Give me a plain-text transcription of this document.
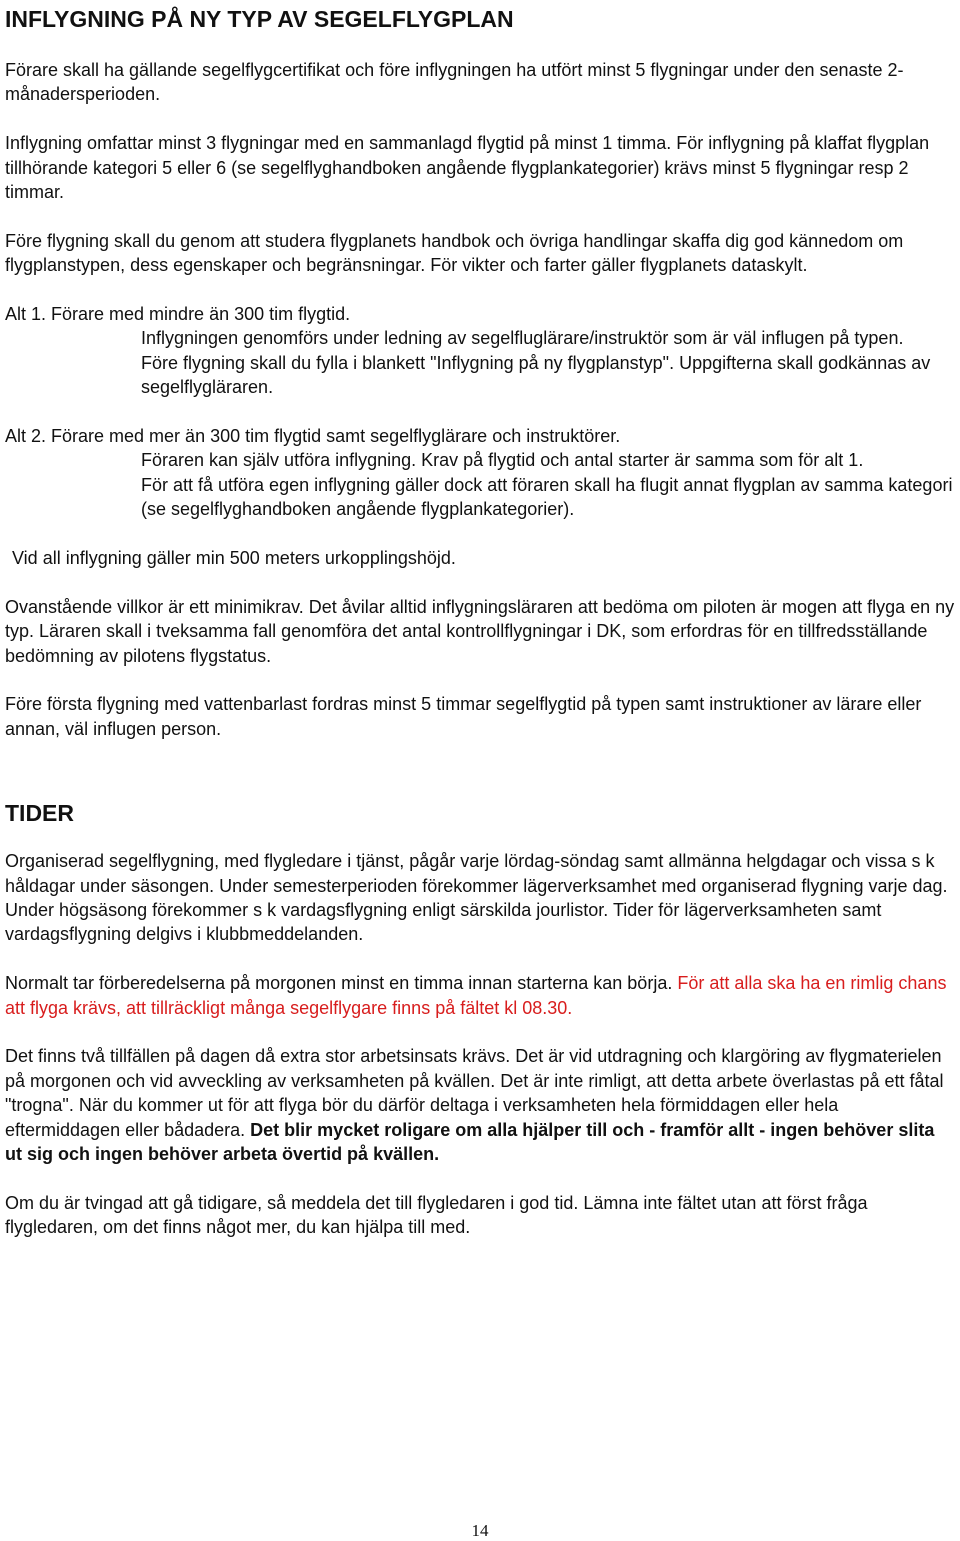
INFLYGNING PÅ NY TYP AV SEGELFLYGPLAN

Förare skall ha gällande segelflygcertifikat och före inflygningen ha utfört minst 5 flygningar under den senaste 2-månadersperioden.

Inflygning omfattar minst 3 flygningar med en sammanlagd flygtid på minst 1 timma. För inflygning på klaffat flygplan tillhörande kategori 5 eller 6 (se segelflyghandboken angående flygplankategorier) krävs minst 5 flygningar resp 2 timmar.

Före flygning skall du genom att studera flygplanets handbok och övriga handlingar skaffa dig god kännedom om flygplanstypen, dess egenskaper och begränsningar. För vikter och farter gäller flygplanets dataskylt.

Alt 1. Förare med mindre än 300 tim flygtid.

Inflygningen genomförs under ledning av segelfluglärare/instruktör som är väl influgen på typen.

Före flygning skall du fylla i blankett "Inflygning på ny flygplanstyp". Uppgifterna skall godkännas av segelflygläraren.

Alt 2. Förare med mer än 300 tim flygtid samt segelflyglärare och instruktörer.

Föraren kan själv utföra inflygning. Krav på flygtid och antal starter är samma som för alt 1.

För att få utföra egen inflygning gäller dock att föraren skall ha flugit annat flygplan av samma kategori (se segelflyghandboken angående flygplankategorier).

Vid all inflygning gäller min 500 meters urkopplingshöjd.

Ovanstående villkor är ett minimikrav. Det åvilar alltid inflygningsläraren att bedöma om piloten är mogen att flyga en ny typ. Läraren skall i tveksamma fall genomföra det antal kontrollflygningar i DK, som erfordras för en tillfredsställande bedömning av pilotens flygstatus.

Före första flygning med vattenbarlast fordras minst 5 timmar segelflygtid på typen samt instruktioner av lärare eller annan, väl influgen person.

TIDER

Organiserad segelflygning, med flygledare i tjänst, pågår varje lördag-söndag samt allmänna helgdagar och vissa s k håldagar under säsongen. Under semesterperioden förekommer lägerverksamhet med organiserad flygning varje dag. Under högsäsong förekommer s k vardagsflygning enligt särskilda jourlistor. Tider för lägerverksamheten samt vardagsflygning delgivs i klubbmeddelanden.

Normalt tar förberedelserna på morgonen minst en timma innan starterna kan börja. För att alla ska ha en rimlig chans att flyga krävs, att tillräckligt många segelflygare finns på fältet kl 08.30.

Det finns två tillfällen på dagen då extra stor arbetsinsats krävs. Det är vid utdragning och klargöring av flygmaterielen på morgonen och vid avveckling av verksamheten på kvällen. Det är inte rimligt, att detta arbete överlastas på ett fåtal "trogna". När du kommer ut för att flyga bör du därför deltaga i verksamheten hela förmiddagen eller hela eftermiddagen eller bådadera. Det blir mycket roligare om alla hjälper till och - framför allt - ingen behöver slita ut sig och ingen behöver arbeta övertid på kvällen.

Om du är tvingad att gå tidigare, så meddela det till flygledaren i god tid. Lämna inte fältet utan att först fråga flygledaren, om det finns något mer, du kan hjälpa till med.

14
